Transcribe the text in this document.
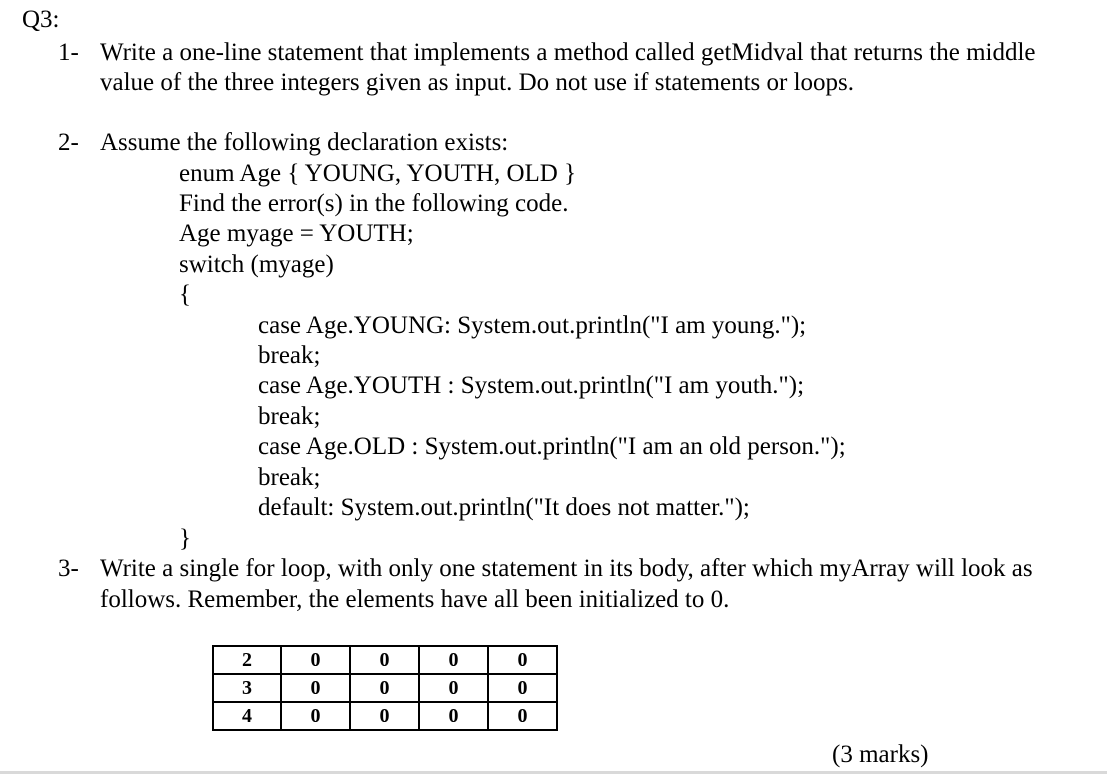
Q3:
1- Write a one-line statement that implements a method called getMidval that returns the middle
value of the three integers given as input. Do not use if statements or loops.
2- Assume the following declaration exists:
enum Age { YOUNG, YOUTH, OLD }
Find the error(s) in the following code.
Age myage = YOUTH;
switch (myage)
{
case Age.YOUNG: System.out.println("I am young.");
break;
case Age.YOUTH : System.out.println("I am youth.");
break;
case Age.OLD : System.out.println("I am an old person.");
break;
default: System.out.println("It does not matter.");
}
3- Write a single for loop, with only one statement in its body, after which myArray will look as
follows. Remember, the elements have all been initialized to 0.
2	0	0	0	0
3	0	0	0	0
4	0	0	0	0
(3 marks)
